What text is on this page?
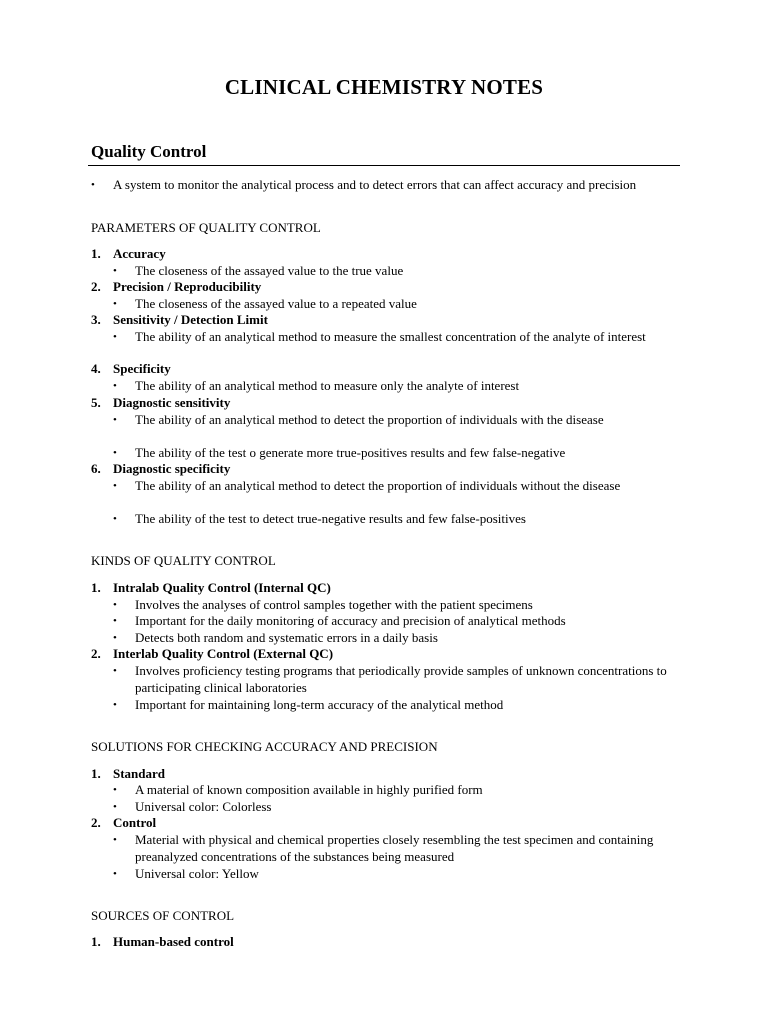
CLINICAL CHEMISTRY NOTES
Quality Control
•	A system to monitor the analytical process and to detect errors that can affect accuracy and precision
PARAMETERS OF QUALITY CONTROL
1. Accuracy
•	The closeness of the assayed value to the true value
2. Precision / Reproducibility
•	The closeness of the assayed value to a repeated value
3. Sensitivity / Detection Limit
•	The ability of an analytical method to measure the smallest concentration of the analyte of interest
4. Specificity
•	The ability of an analytical method to measure only the analyte of interest
5. Diagnostic sensitivity
•	The ability of an analytical method to detect the proportion of individuals with the disease
•	The ability of the test o generate more true-positives results and few false-negative
6. Diagnostic specificity
•	The ability of an analytical method to detect the proportion of individuals without the disease
•	The ability of the test to detect true-negative results and few false-positives
KINDS OF QUALITY CONTROL
1. Intralab Quality Control (Internal QC)
•	Involves the analyses of control samples together with the patient specimens
•	Important for the daily monitoring of accuracy and precision of analytical methods
•	Detects both random and systematic errors in a daily basis
2. Interlab Quality Control (External QC)
•	Involves proficiency testing programs that periodically provide samples of unknown concentrations to participating clinical laboratories
•	Important for maintaining long-term accuracy of the analytical method
SOLUTIONS FOR CHECKING ACCURACY AND PRECISION
1. Standard
•	A material of known composition available in highly purified form
•	Universal color: Colorless
2. Control
•	Material with physical and chemical properties closely resembling the test specimen and containing preanalyzed concentrations of the substances being measured
•	Universal color: Yellow
SOURCES OF CONTROL
1. Human-based control
